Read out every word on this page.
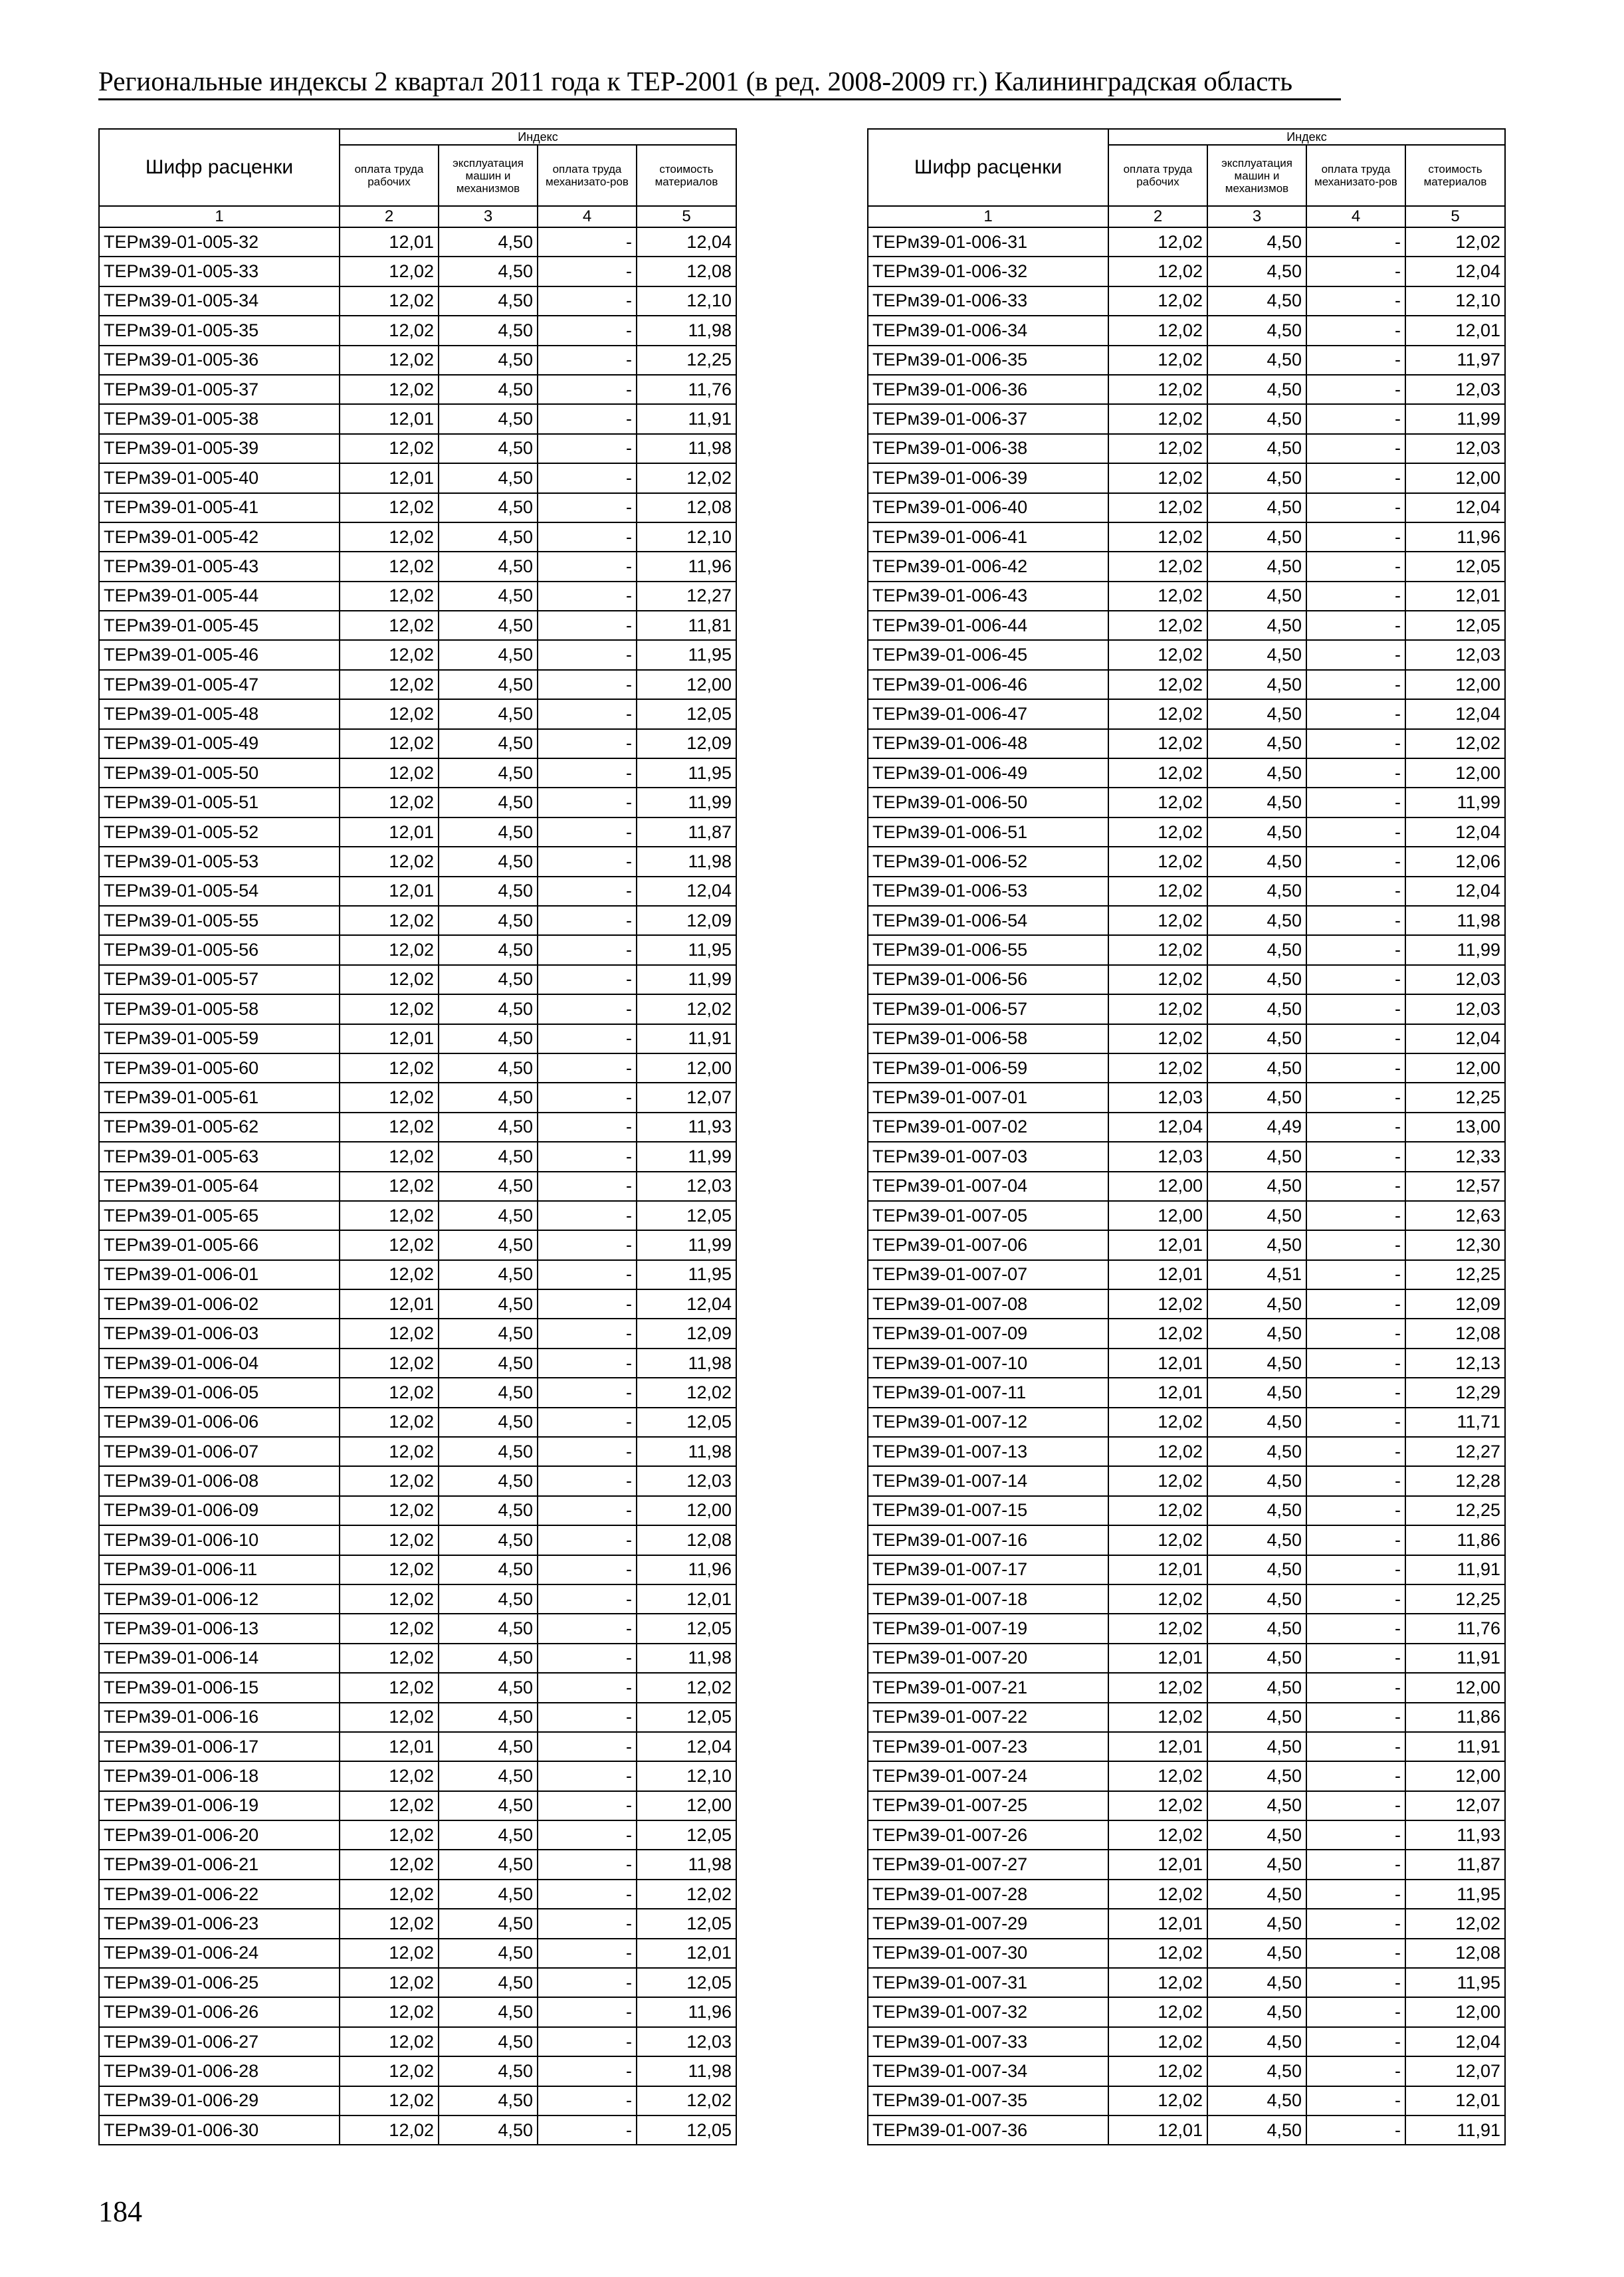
Региональные индексы 2 квартал 2011 года к ТЕР-2001 (в ред. 2008-2009 гг.) Калининградская область
Шифр расценки	Индекс			
	оплата труда рабочих	эксплуатация машин и механизмов	оплата труда механизато-ров	стоимость материалов
1	2	3	4	5
ТЕРм39-01-005-32	12,01	4,50	-	12,04
ТЕРм39-01-005-33	12,02	4,50	-	12,08
ТЕРм39-01-005-34	12,02	4,50	-	12,10
ТЕРм39-01-005-35	12,02	4,50	-	11,98
ТЕРм39-01-005-36	12,02	4,50	-	12,25
ТЕРм39-01-005-37	12,02	4,50	-	11,76
ТЕРм39-01-005-38	12,01	4,50	-	11,91
ТЕРм39-01-005-39	12,02	4,50	-	11,98
ТЕРм39-01-005-40	12,01	4,50	-	12,02
ТЕРм39-01-005-41	12,02	4,50	-	12,08
ТЕРм39-01-005-42	12,02	4,50	-	12,10
ТЕРм39-01-005-43	12,02	4,50	-	11,96
ТЕРм39-01-005-44	12,02	4,50	-	12,27
ТЕРм39-01-005-45	12,02	4,50	-	11,81
ТЕРм39-01-005-46	12,02	4,50	-	11,95
ТЕРм39-01-005-47	12,02	4,50	-	12,00
ТЕРм39-01-005-48	12,02	4,50	-	12,05
ТЕРм39-01-005-49	12,02	4,50	-	12,09
ТЕРм39-01-005-50	12,02	4,50	-	11,95
ТЕРм39-01-005-51	12,02	4,50	-	11,99
ТЕРм39-01-005-52	12,01	4,50	-	11,87
ТЕРм39-01-005-53	12,02	4,50	-	11,98
ТЕРм39-01-005-54	12,01	4,50	-	12,04
ТЕРм39-01-005-55	12,02	4,50	-	12,09
ТЕРм39-01-005-56	12,02	4,50	-	11,95
ТЕРм39-01-005-57	12,02	4,50	-	11,99
ТЕРм39-01-005-58	12,02	4,50	-	12,02
ТЕРм39-01-005-59	12,01	4,50	-	11,91
ТЕРм39-01-005-60	12,02	4,50	-	12,00
ТЕРм39-01-005-61	12,02	4,50	-	12,07
ТЕРм39-01-005-62	12,02	4,50	-	11,93
ТЕРм39-01-005-63	12,02	4,50	-	11,99
ТЕРм39-01-005-64	12,02	4,50	-	12,03
ТЕРм39-01-005-65	12,02	4,50	-	12,05
ТЕРм39-01-005-66	12,02	4,50	-	11,99
ТЕРм39-01-006-01	12,02	4,50	-	11,95
ТЕРм39-01-006-02	12,01	4,50	-	12,04
ТЕРм39-01-006-03	12,02	4,50	-	12,09
ТЕРм39-01-006-04	12,02	4,50	-	11,98
ТЕРм39-01-006-05	12,02	4,50	-	12,02
ТЕРм39-01-006-06	12,02	4,50	-	12,05
ТЕРм39-01-006-07	12,02	4,50	-	11,98
ТЕРм39-01-006-08	12,02	4,50	-	12,03
ТЕРм39-01-006-09	12,02	4,50	-	12,00
ТЕРм39-01-006-10	12,02	4,50	-	12,08
ТЕРм39-01-006-11	12,02	4,50	-	11,96
ТЕРм39-01-006-12	12,02	4,50	-	12,01
ТЕРм39-01-006-13	12,02	4,50	-	12,05
ТЕРм39-01-006-14	12,02	4,50	-	11,98
ТЕРм39-01-006-15	12,02	4,50	-	12,02
ТЕРм39-01-006-16	12,02	4,50	-	12,05
ТЕРм39-01-006-17	12,01	4,50	-	12,04
ТЕРм39-01-006-18	12,02	4,50	-	12,10
ТЕРм39-01-006-19	12,02	4,50	-	12,00
ТЕРм39-01-006-20	12,02	4,50	-	12,05
ТЕРм39-01-006-21	12,02	4,50	-	11,98
ТЕРм39-01-006-22	12,02	4,50	-	12,02
ТЕРм39-01-006-23	12,02	4,50	-	12,05
ТЕРм39-01-006-24	12,02	4,50	-	12,01
ТЕРм39-01-006-25	12,02	4,50	-	12,05
ТЕРм39-01-006-26	12,02	4,50	-	11,96
ТЕРм39-01-006-27	12,02	4,50	-	12,03
ТЕРм39-01-006-28	12,02	4,50	-	11,98
ТЕРм39-01-006-29	12,02	4,50	-	12,02
ТЕРм39-01-006-30	12,02	4,50	-	12,05
Шифр расценки	Индекс			
	оплата труда рабочих	эксплуатация машин и механизмов	оплата труда механизато-ров	стоимость материалов
1	2	3	4	5
ТЕРм39-01-006-31	12,02	4,50	-	12,02
ТЕРм39-01-006-32	12,02	4,50	-	12,04
ТЕРм39-01-006-33	12,02	4,50	-	12,10
ТЕРм39-01-006-34	12,02	4,50	-	12,01
ТЕРм39-01-006-35	12,02	4,50	-	11,97
ТЕРм39-01-006-36	12,02	4,50	-	12,03
ТЕРм39-01-006-37	12,02	4,50	-	11,99
ТЕРм39-01-006-38	12,02	4,50	-	12,03
ТЕРм39-01-006-39	12,02	4,50	-	12,00
ТЕРм39-01-006-40	12,02	4,50	-	12,04
ТЕРм39-01-006-41	12,02	4,50	-	11,96
ТЕРм39-01-006-42	12,02	4,50	-	12,05
ТЕРм39-01-006-43	12,02	4,50	-	12,01
ТЕРм39-01-006-44	12,02	4,50	-	12,05
ТЕРм39-01-006-45	12,02	4,50	-	12,03
ТЕРм39-01-006-46	12,02	4,50	-	12,00
ТЕРм39-01-006-47	12,02	4,50	-	12,04
ТЕРм39-01-006-48	12,02	4,50	-	12,02
ТЕРм39-01-006-49	12,02	4,50	-	12,00
ТЕРм39-01-006-50	12,02	4,50	-	11,99
ТЕРм39-01-006-51	12,02	4,50	-	12,04
ТЕРм39-01-006-52	12,02	4,50	-	12,06
ТЕРм39-01-006-53	12,02	4,50	-	12,04
ТЕРм39-01-006-54	12,02	4,50	-	11,98
ТЕРм39-01-006-55	12,02	4,50	-	11,99
ТЕРм39-01-006-56	12,02	4,50	-	12,03
ТЕРм39-01-006-57	12,02	4,50	-	12,03
ТЕРм39-01-006-58	12,02	4,50	-	12,04
ТЕРм39-01-006-59	12,02	4,50	-	12,00
ТЕРм39-01-007-01	12,03	4,50	-	12,25
ТЕРм39-01-007-02	12,04	4,49	-	13,00
ТЕРм39-01-007-03	12,03	4,50	-	12,33
ТЕРм39-01-007-04	12,00	4,50	-	12,57
ТЕРм39-01-007-05	12,00	4,50	-	12,63
ТЕРм39-01-007-06	12,01	4,50	-	12,30
ТЕРм39-01-007-07	12,01	4,51	-	12,25
ТЕРм39-01-007-08	12,02	4,50	-	12,09
ТЕРм39-01-007-09	12,02	4,50	-	12,08
ТЕРм39-01-007-10	12,01	4,50	-	12,13
ТЕРм39-01-007-11	12,01	4,50	-	12,29
ТЕРм39-01-007-12	12,02	4,50	-	11,71
ТЕРм39-01-007-13	12,02	4,50	-	12,27
ТЕРм39-01-007-14	12,02	4,50	-	12,28
ТЕРм39-01-007-15	12,02	4,50	-	12,25
ТЕРм39-01-007-16	12,02	4,50	-	11,86
ТЕРм39-01-007-17	12,01	4,50	-	11,91
ТЕРм39-01-007-18	12,02	4,50	-	12,25
ТЕРм39-01-007-19	12,02	4,50	-	11,76
ТЕРм39-01-007-20	12,01	4,50	-	11,91
ТЕРм39-01-007-21	12,02	4,50	-	12,00
ТЕРм39-01-007-22	12,02	4,50	-	11,86
ТЕРм39-01-007-23	12,01	4,50	-	11,91
ТЕРм39-01-007-24	12,02	4,50	-	12,00
ТЕРм39-01-007-25	12,02	4,50	-	12,07
ТЕРм39-01-007-26	12,02	4,50	-	11,93
ТЕРм39-01-007-27	12,01	4,50	-	11,87
ТЕРм39-01-007-28	12,02	4,50	-	11,95
ТЕРм39-01-007-29	12,01	4,50	-	12,02
ТЕРм39-01-007-30	12,02	4,50	-	12,08
ТЕРм39-01-007-31	12,02	4,50	-	11,95
ТЕРм39-01-007-32	12,02	4,50	-	12,00
ТЕРм39-01-007-33	12,02	4,50	-	12,04
ТЕРм39-01-007-34	12,02	4,50	-	12,07
ТЕРм39-01-007-35	12,02	4,50	-	12,01
ТЕРм39-01-007-36	12,01	4,50	-	11,91
184
